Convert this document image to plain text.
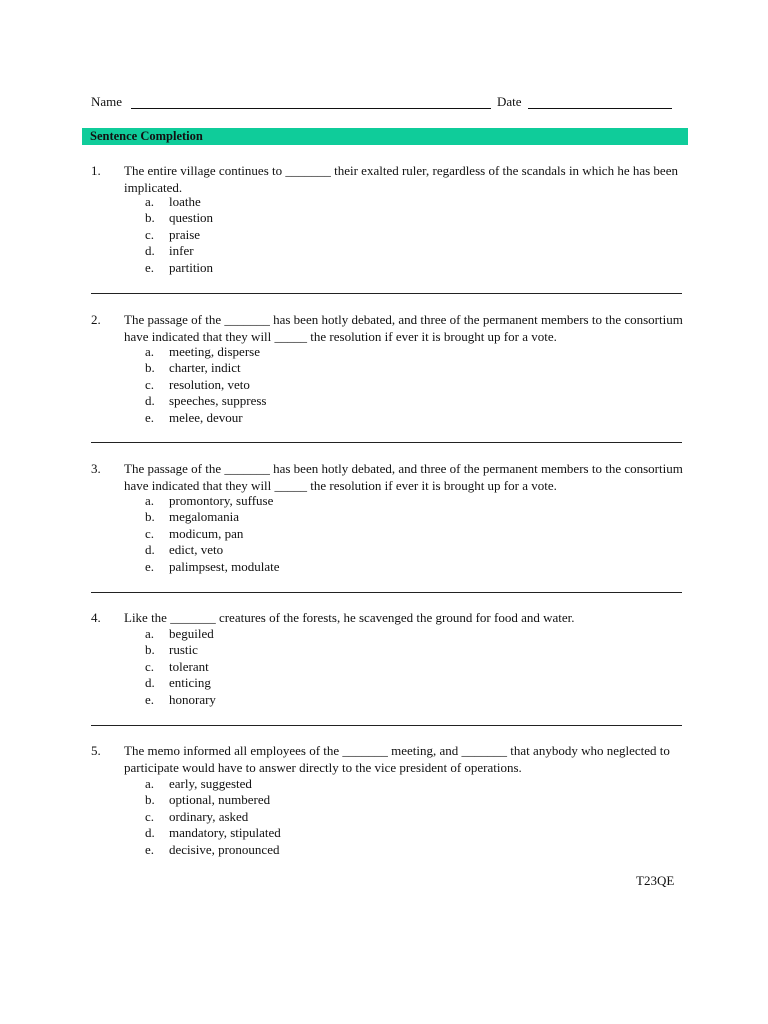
Name	Date
Sentence Completion
1. The entire village continues to _______ their exalted ruler, regardless of the scandals in which he has been implicated.
a.	loathe
b.	question
c.	praise
d.	infer
e.	partition
2. The passage of the _______ has been hotly debated, and three of the permanent members to the consortium have indicated that they will _____ the resolution if ever it is brought up for a vote.
a.	meeting, disperse
b.	charter, indict
c.	resolution, veto
d.	speeches, suppress
e.	melee, devour
3. The passage of the _______ has been hotly debated, and three of the permanent members to the consortium have indicated that they will _____ the resolution if ever it is brought up for a vote.
a.	promontory, suffuse
b.	megalomania
c.	modicum, pan
d.	edict, veto
e.	palimpsest, modulate
4. Like the _______ creatures of the forests, he scavenged the ground for food and water.
a.	beguiled
b.	rustic
c.	tolerant
d.	enticing
e.	honorary
5. The memo informed all employees of the _______ meeting, and _______ that anybody who neglected to participate would have to answer directly to the vice president of operations.
a.	early, suggested
b.	optional, numbered
c.	ordinary, asked
d.	mandatory, stipulated
e.	decisive, pronounced
T23QE
